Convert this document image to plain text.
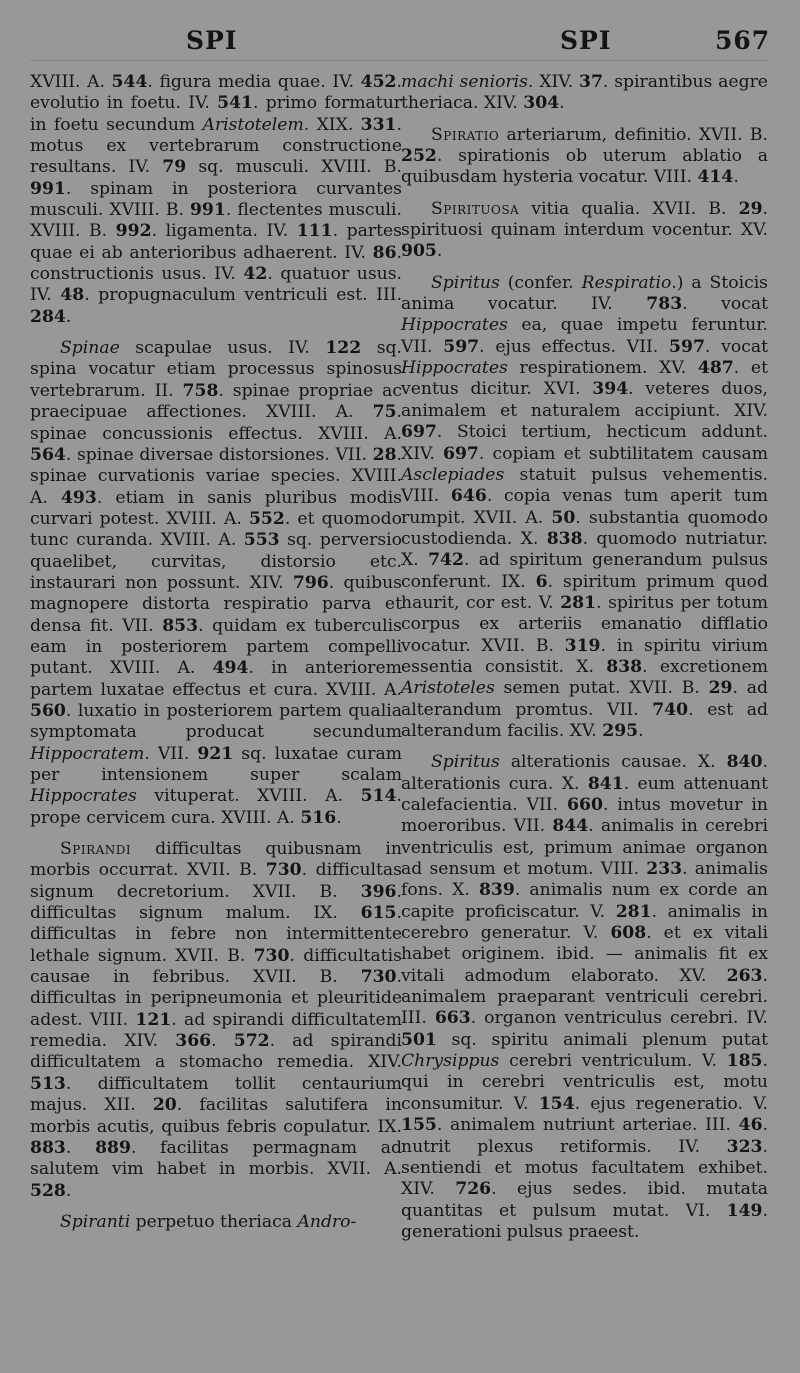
SPI	SPI	567

XVIII. A. 544. figura media quae. IV. 452. evolutio in foetu. IV. 541. primo formatur in foetu secundum Aristotelem. XIX. 331. motus ex vertebrarum constructione resultans. IV. 79 sq. musculi. XVIII. B. 991. spinam in posteriora curvantes musculi. XVIII. B. 991. flectentes musculi. XVIII. B. 992. ligamenta. IV. 111. partes quae ei ab anterioribus adhaerent. IV. 86. constructionis usus. IV. 42. quatuor usus. IV. 48. propugnaculum ventriculi est. III. 284.

Spinae scapulae usus. IV. 122 sq. spina vocatur etiam processus spinosus vertebrarum. II. 758. spinae propriae ac praecipuae affectiones. XVIII. A. 75. spinae concussionis effectus. XVIII. A. 564. spinae diversae distorsiones. VII. 28. spinae curvationis variae species. XVIII. A. 493. etiam in sanis pluribus modis curvari potest. XVIII. A. 552. et quomodo tunc curanda. XVIII. A. 553 sq. perversio quaelibet, curvitas, distorsio etc. instaurari non possunt. XIV. 796. quibus magnopere distorta respiratio parva et densa fit. VII. 853. quidam ex tuberculis eam in posteriorem partem compelli putant. XVIII. A. 494. in anteriorem partem luxatae effectus et cura. XVIII. A. 560. luxatio in posteriorem partem qualia symptomata producat secundum Hippocratem. VII. 921 sq. luxatae curam per intensionem super scalam Hippocrates vituperat. XVIII. A. 514. prope cervicem cura. XVIII. A. 516.

Spirandi difficultas quibusnam in morbis occurrat. XVII. B. 730. difficultas signum decretorium. XVII. B. 396. difficultas signum malum. IX. 615. difficultas in febre non intermittente lethale signum. XVII. B. 730. difficultatis causae in febribus. XVII. B. 730. difficultas in peripneumonia et pleuritide adest. VIII. 121. ad spirandi difficultatem remedia. XIV. 366. 572. ad spirandi difficultatem a stomacho remedia. XIV. 513. difficultatem tollit centaurium majus. XII. 20. facilitas salutifera in morbis acutis, quibus febris copulatur. IX. 883. 889. facilitas permagnam ad salutem vim habet in morbis. XVII. A. 528.

Spiranti perpetuo theriaca Andro-

machi senioris. XIV. 37. spirantibus aegre theriaca. XIV. 304.

Spiratio arteriarum, definitio. XVII. B. 252. spirationis ob uterum ablatio a quibusdam hysteria vocatur. VIII. 414.

Spirituosa vitia qualia. XVII. B. 29. spirituosi quinam interdum vocentur. XV. 905.

Spiritus (confer. Respiratio.) a Stoicis anima vocatur. IV. 783. vocat Hippocrates ea, quae impetu feruntur. VII. 597. ejus effectus. VII. 597. vocat Hippocrates respirationem. XV. 487. et ventus dicitur. XVI. 394. veteres duos, animalem et naturalem accipiunt. XIV. 697. Stoici tertium, hecticum addunt. XIV. 697. copiam et subtilitatem causam Asclepiades statuit pulsus vehementis. VIII. 646. copia venas tum aperit tum rumpit. XVII. A. 50. substantia quomodo custodienda. X. 838. quomodo nutriatur. X. 742. ad spiritum generandum pulsus conferunt. IX. 6. spiritum primum quod haurit, cor est. V. 281. spiritus per totum corpus ex arteriis emanatio difflatio vocatur. XVII. B. 319. in spiritu virium essentia consistit. X. 838. excretionem Aristoteles semen putat. XVII. B. 29. ad alterandum promtus. VII. 740. est ad alterandum facilis. XV. 295.

Spiritus alterationis causae. X. 840. alterationis cura. X. 841. eum attenuant calefacientia. VII. 660. intus movetur in moeroribus. VII. 844. animalis in cerebri ventriculis est, primum animae organon ad sensum et motum. VIII. 233. animalis fons. X. 839. animalis num ex corde an capite proficiscatur. V. 281. animalis in cerebro generatur. V. 608. et ex vitali habet originem. ibid. — animalis fit ex vitali admodum elaborato. XV. 263. animalem praeparant ventriculi cerebri. III. 663. organon ventriculus cerebri. IV. 501 sq. spiritu animali plenum putat Chrysippus cerebri ventriculum. V. 185. qui in cerebri ventriculis est, motu consumitur. V. 154. ejus regeneratio. V. 155. animalem nutriunt arteriae. III. 46. nutrit plexus retiformis. IV. 323. sentiendi et motus facultatem exhibet. XIV. 726. ejus sedes. ibid. mutata quantitas et pulsum mutat. VI. 149. generationi pulsus praeest.
